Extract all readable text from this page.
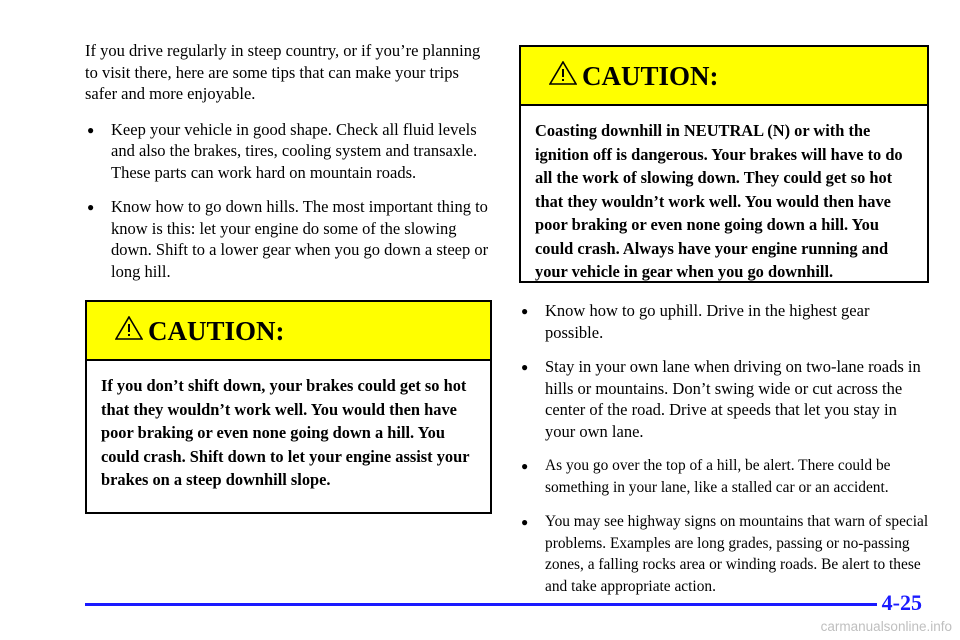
If you drive regularly in steep country, or if you’re planning to visit there, here are some tips that can make your trips safer and more enjoyable.

● Keep your vehicle in good shape. Check all fluid levels and also the brakes, tires, cooling system and transaxle. These parts can work hard on mountain roads.
● Know how to go down hills. The most important thing to know is this: let your engine do some of the slowing down. Shift to a lower gear when you go down a steep or long hill.
CAUTION:
If you don’t shift down, your brakes could get so hot that they wouldn’t work well. You would then have poor braking or even none going down a hill. You could crash. Shift down to let your engine assist your brakes on a steep downhill slope.
CAUTION:
Coasting downhill in NEUTRAL (N) or with the ignition off is dangerous. Your brakes will have to do all the work of slowing down. They could get so hot that they wouldn’t work well. You would then have poor braking or even none going down a hill. You could crash. Always have your engine running and your vehicle in gear when you go downhill.
● Know how to go uphill. Drive in the highest gear possible.
● Stay in your own lane when driving on two-lane roads in hills or mountains. Don’t swing wide or cut across the center of the road. Drive at speeds that let you stay in your own lane.
● As you go over the top of a hill, be alert. There could be something in your lane, like a stalled car or an accident.
● You may see highway signs on mountains that warn of special problems. Examples are long grades, passing or no-passing zones, a falling rocks area or winding roads. Be alert to these and take appropriate action.
4-25
carmanualsonline.info
